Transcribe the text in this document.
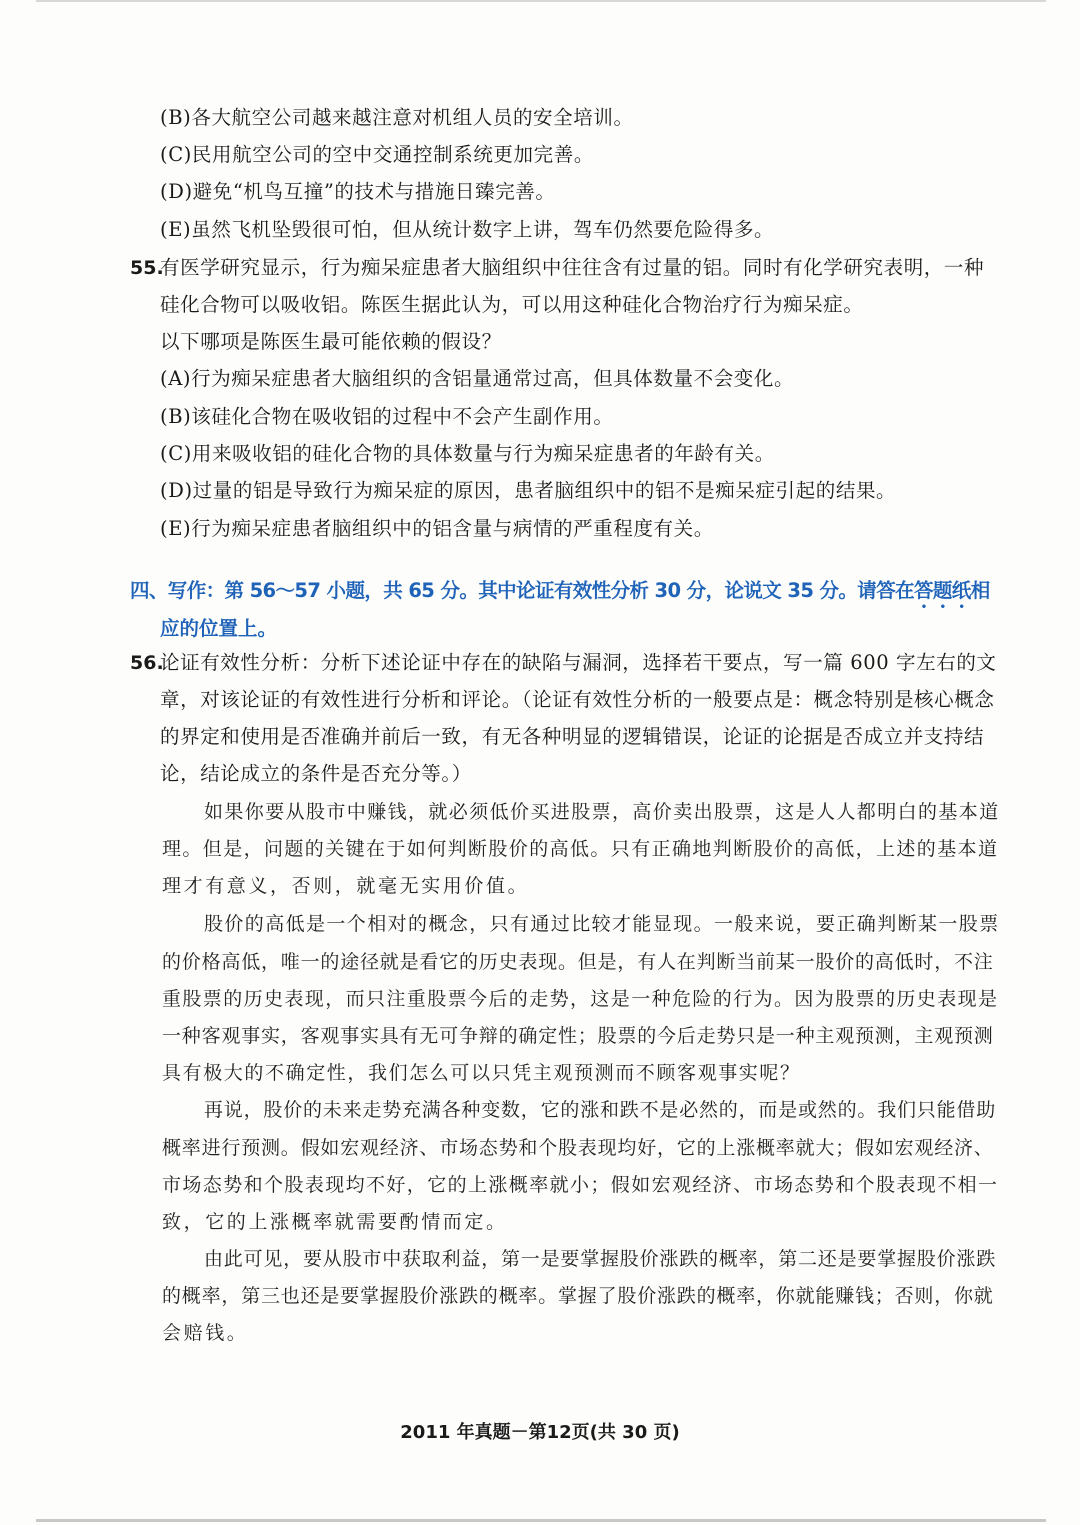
(B)各大航空公司越来越注意对机组人员的安全培训。
(C)民用航空公司的空中交通控制系统更加完善。
(D)避免“机鸟互撞”的技术与措施日臻完善。
(E)虽然飞机坠毁很可怕，但从统计数字上讲，驾车仍然要危险得多。
55.
有医学研究显示，行为痴呆症患者大脑组织中往往含有过量的铝。同时有化学研究表明，一种
硅化合物可以吸收铝。陈医生据此认为，可以用这种硅化合物治疗行为痴呆症。
以下哪项是陈医生最可能依赖的假设？
(A)行为痴呆症患者大脑组织的含铝量通常过高，但具体数量不会变化。
(B)该硅化合物在吸收铝的过程中不会产生副作用。
(C)用来吸收铝的硅化合物的具体数量与行为痴呆症患者的年龄有关。
(D)过量的铝是导致行为痴呆症的原因，患者脑组织中的铝不是痴呆症引起的结果。
(E)行为痴呆症患者脑组织中的铝含量与病情的严重程度有关。
四、写作：第 56～57 小题，共 65 分。其中论证有效性分析 30 分，论说文 35 分。请答在答题纸相
应的位置上。
56.
论证有效性分析：分析下述论证中存在的缺陷与漏洞，选择若干要点，写一篇 600 字左右的文
章，对该论证的有效性进行分析和评论。（论证有效性分析的一般要点是：概念特别是核心概念
的界定和使用是否准确并前后一致，有无各种明显的逻辑错误，论证的论据是否成立并支持结
论，结论成立的条件是否充分等。）
如果你要从股市中赚钱，就必须低价买进股票，高价卖出股票，这是人人都明白的基本道
理。但是，问题的关键在于如何判断股价的高低。只有正确地判断股价的高低，上述的基本道
理才有意义，否则，就毫无实用价值。
股价的高低是一个相对的概念，只有通过比较才能显现。一般来说，要正确判断某一股票
的价格高低，唯一的途径就是看它的历史表现。但是，有人在判断当前某一股价的高低时，不注
重股票的历史表现，而只注重股票今后的走势，这是一种危险的行为。因为股票的历史表现是
一种客观事实，客观事实具有无可争辩的确定性；股票的今后走势只是一种主观预测，主观预测
具有极大的不确定性，我们怎么可以只凭主观预测而不顾客观事实呢？
再说，股价的未来走势充满各种变数，它的涨和跌不是必然的，而是或然的。我们只能借助
概率进行预测。假如宏观经济、市场态势和个股表现均好，它的上涨概率就大；假如宏观经济、
市场态势和个股表现均不好，它的上涨概率就小；假如宏观经济、市场态势和个股表现不相一
致，它的上涨概率就需要酌情而定。
由此可见，要从股市中获取利益，第一是要掌握股价涨跌的概率，第二还是要掌握股价涨跌
的概率，第三也还是要掌握股价涨跌的概率。掌握了股价涨跌的概率，你就能赚钱；否则，你就
会赔钱。
2011 年真题－第12页(共 30 页)
